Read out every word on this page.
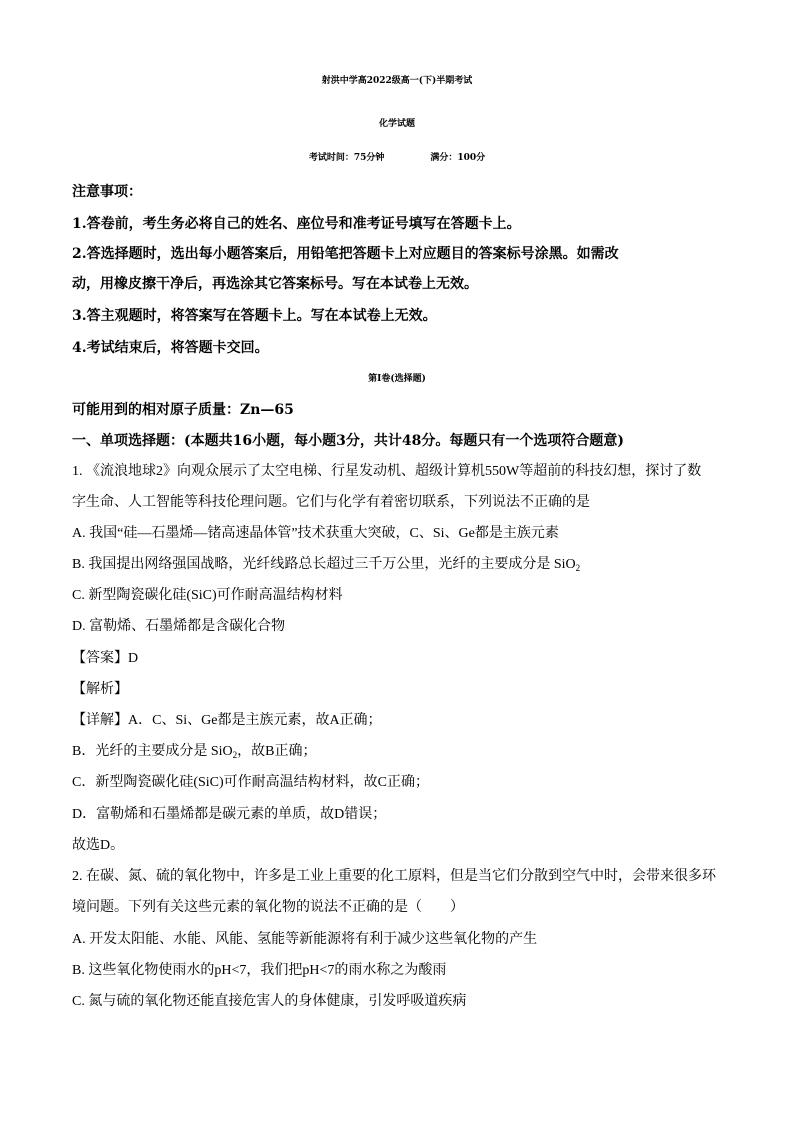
射洪中学高2022级高一(下)半期考试
化学试题
考试时间：75分钟	满分：100分
注意事项：
1.答卷前，考生务必将自己的姓名、座位号和准考证号填写在答题卡上。
2.答选择题时，选出每小题答案后，用铅笔把答题卡上对应题目的答案标号涂黑。如需改
动，用橡皮擦干净后，再选涂其它答案标号。写在本试卷上无效。
3.答主观题时，将答案写在答题卡上。写在本试卷上无效。
4.考试结束后，将答题卡交回。
第I卷(选择题)
可能用到的相对原子质量：Zn—65
一、单项选择题：(本题共16小题，每小题3分，共计48分。每题只有一个选项符合题意)
1. 《流浪地球2》向观众展示了太空电梯、行星发动机、超级计算机550W等超前的科技幻想，探讨了数
字生命、人工智能等科技伦理问题。它们与化学有着密切联系，下列说法不正确的是
A. 我国“硅—石墨烯—锗高速晶体管”技术获重大突破，C、Si、Ge都是主族元素
B. 我国提出网络强国战略，光纤线路总长超过三千万公里，光纤的主要成分是 SiO$_2$
C. 新型陶瓷碳化硅(SiC)可作耐高温结构材料
D. 富勒烯、石墨烯都是含碳化合物
【答案】D
【解析】
【详解】A．C、Si、Ge都是主族元素，故A正确；
B．光纤的主要成分是 SiO$_2$，故B正确；
C．新型陶瓷碳化硅(SiC)可作耐高温结构材料，故C正确；
D．富勒烯和石墨烯都是碳元素的单质，故D错误；
故选D。
2. 在碳、氮、硫的氧化物中，许多是工业上重要的化工原料，但是当它们分散到空气中时，会带来很多环
境问题。下列有关这些元素的氧化物的说法不正确的是（　　）
A. 开发太阳能、水能、风能、氢能等新能源将有利于减少这些氧化物的产生
B. 这些氧化物使雨水的pH<7，我们把pH<7的雨水称之为酸雨
C. 氮与硫的氧化物还能直接危害人的身体健康，引发呼吸道疾病
